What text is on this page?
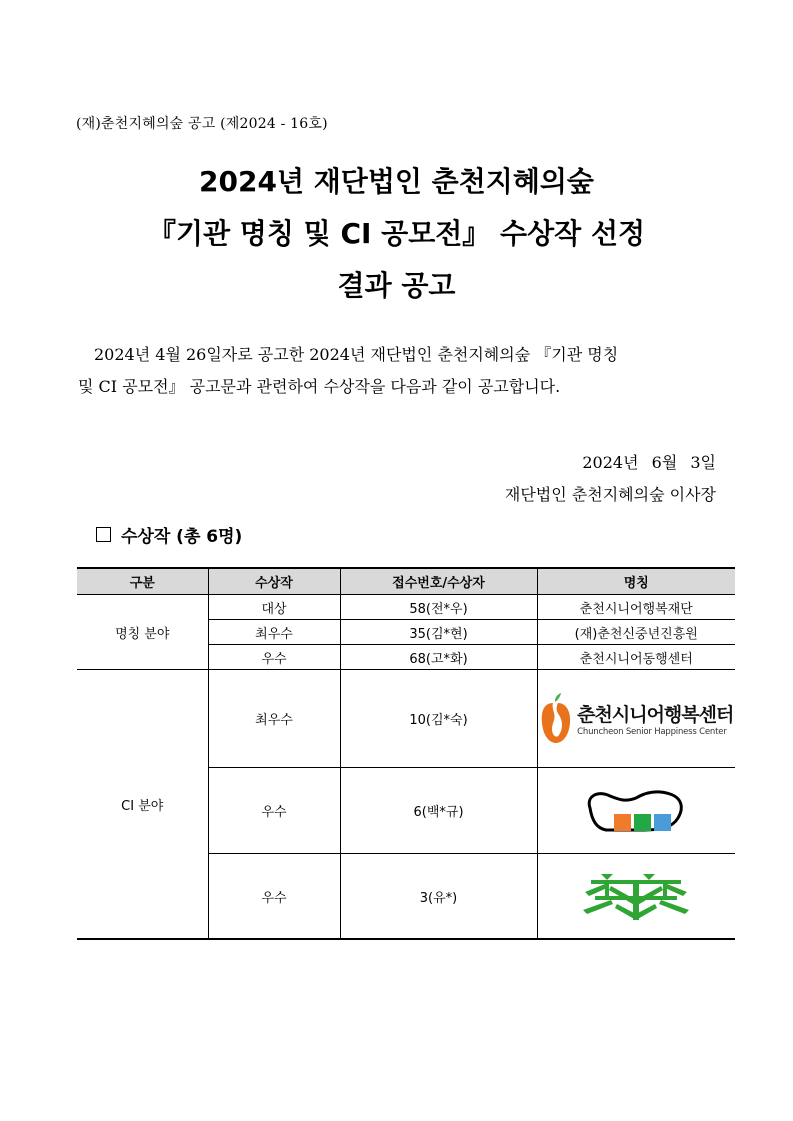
(재)춘천지혜의숲 공고 (제2024 - 16호)
2024년 재단법인 춘천지혜의숲
『기관 명칭 및 CI 공모전』 수상작 선정
결과 공고
2024년 4월 26일자로 공고한 2024년 재단법인 춘천지혜의숲 『기관 명칭
및 CI 공모전』 공고문과 관련하여 수상작을 다음과 같이 공고합니다.
2024년 6월 3일
재단법인 춘천지혜의숲 이사장
수상작 (총 6명)
구분	수상작	접수번호/수상자	명칭
명칭 분야	대상	58(전*우)	춘천시니어행복재단
	최우수	35(김*현)	(재)춘천신중년진흥원
	우수	68(고*화)	춘천시니어동행센터
CI 분야	최우수	10(김*숙)	춘천시니어행복센터
Chuncheon Senior Happiness Center

	우수	6(백*규)	

	우수	3(유*)	
